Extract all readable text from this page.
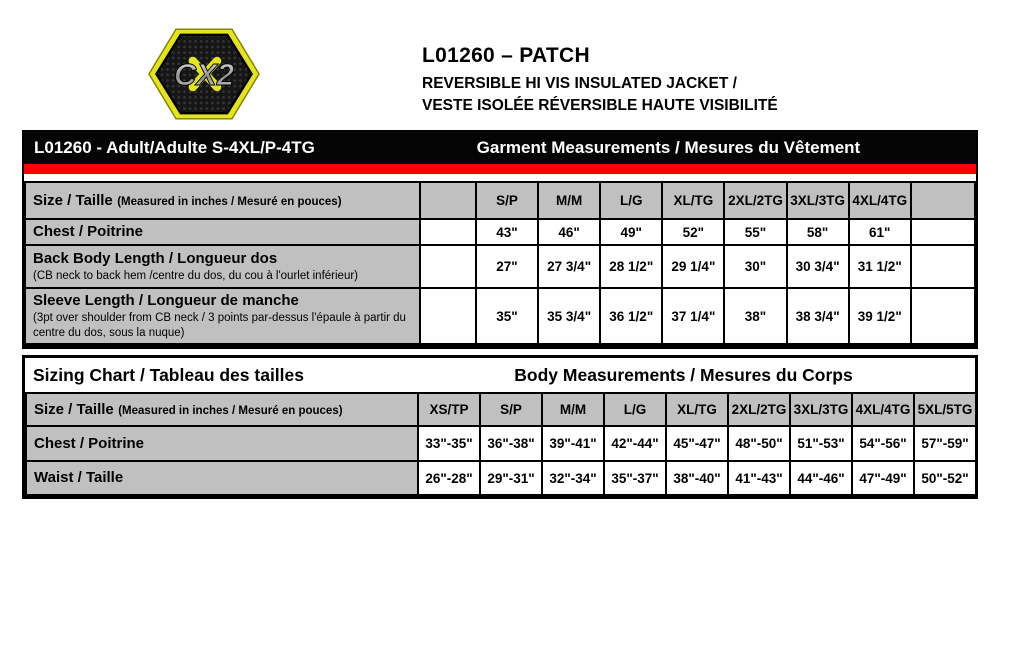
CX2
L01260 – PATCH
REVERSIBLE HI VIS INSULATED JACKET /
VESTE ISOLÉE RÉVERSIBLE HAUTE VISIBILITÉ
L01260 - Adult/Adulte S-4XL/P-4TG	Garment Measurements / Mesures du Vêtement
Size / Taille (Measured in inches / Mesuré en pouces)		S/P	M/M	L/G	XL/TG	2XL/2TG	3XL/3TG	4XL/4TG	
Chest / Poitrine		43"	46"	49"	52"	55"	58"	61"	
Back Body Length / Longueur dos
(CB neck to back hem /centre du dos, du cou à l'ourlet inférieur)		27"	27 3/4"	28 1/2"	29 1/4"	30"	30 3/4"	31 1/2"	
Sleeve Length / Longueur de manche
(3pt over shoulder from CB neck / 3 points par-dessus l'épaule à partir du centre du dos, sous la nuque)		35"	35 3/4"	36 1/2"	37 1/4"	38"	38 3/4"	39 1/2"	
Sizing Chart / Tableau des tailles	Body Measurements / Mesures du Corps
Size / Taille (Measured in inches / Mesuré en pouces)	XS/TP	S/P	M/M	L/G	XL/TG	2XL/2TG	3XL/3TG	4XL/4TG	5XL/5TG
Chest / Poitrine	33"-35"	36"-38"	39"-41"	42"-44"	45"-47"	48"-50"	51"-53"	54"-56"	57"-59"
Waist / Taille	26"-28"	29"-31"	32"-34"	35"-37"	38"-40"	41"-43"	44"-46"	47"-49"	50"-52"
